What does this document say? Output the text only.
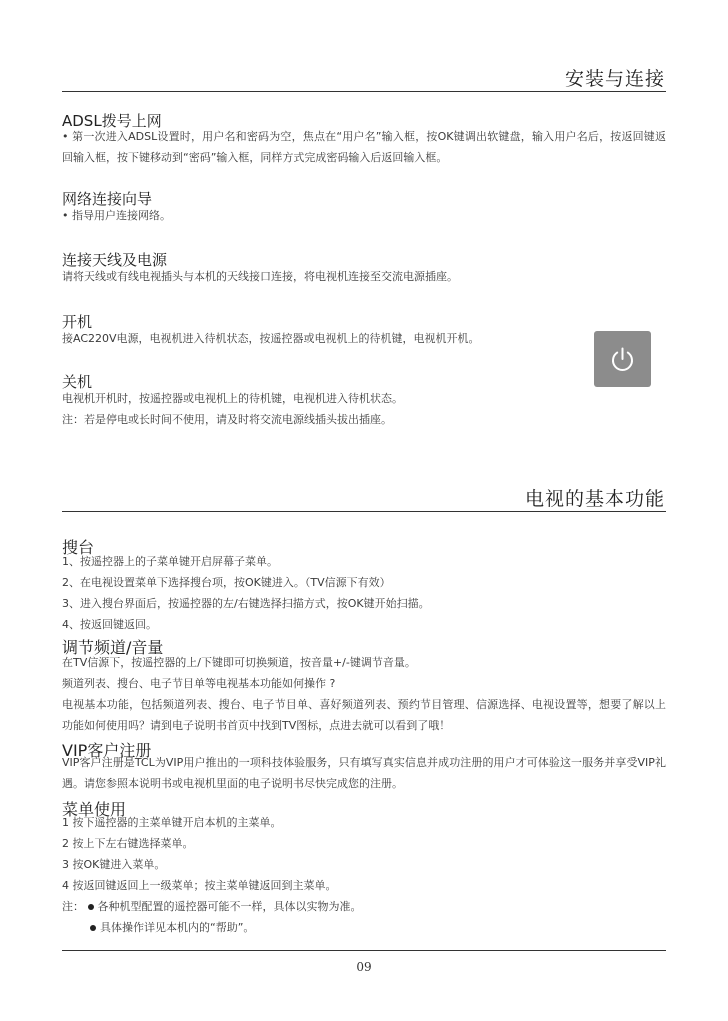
安装与连接
ADSL拨号上网
• 第一次进入ADSL设置时，用户名和密码为空，焦点在“用户名”输入框，按OK键调出软键盘，输入用户名后，按返回键返回输入框，按下键移动到“密码”输入框，同样方式完成密码输入后返回输入框。
网络连接向导
• 指导用户连接网络。
连接天线及电源
请将天线或有线电视插头与本机的天线接口连接，将电视机连接至交流电源插座。
开机
接AC220V电源，电视机进入待机状态，按遥控器或电视机上的待机键，电视机开机。
关机
电视机开机时，按遥控器或电视机上的待机键，电视机进入待机状态。
注：若是停电或长时间不使用，请及时将交流电源线插头拔出插座。
电视的基本功能
搜台
1、按遥控器上的子菜单键开启屏幕子菜单。
2、在电视设置菜单下选择搜台项，按OK键进入。（TV信源下有效）
3、进入搜台界面后，按遥控器的左/右键选择扫描方式，按OK键开始扫描。
4、按返回键返回。
调节频道/音量
在TV信源下，按遥控器的上/下键即可切换频道，按音量+/-键调节音量。
频道列表、搜台、电子节目单等电视基本功能如何操作 ?
电视基本功能，包括频道列表、搜台、电子节目单、喜好频道列表、预约节目管理、信源选择、电视设置等，想要了解以上功能如何使用吗？请到电子说明书首页中找到TV图标，点进去就可以看到了哦！
VIP客户注册
VIP客户注册是TCL为VIP用户推出的一项科技体验服务，只有填写真实信息并成功注册的用户才可体验这一服务并享受VIP礼遇。请您参照本说明书或电视机里面的电子说明书尽快完成您的注册。
菜单使用
1 按下遥控器的主菜单键开启本机的主菜单。
2 按上下左右键选择菜单。
3 按OK键进入菜单。
4 按返回键返回上一级菜单；按主菜单键返回到主菜单。
注： 各种机型配置的遥控器可能不一样，具体以实物为准。
具体操作详见本机内的“帮助”。
09
